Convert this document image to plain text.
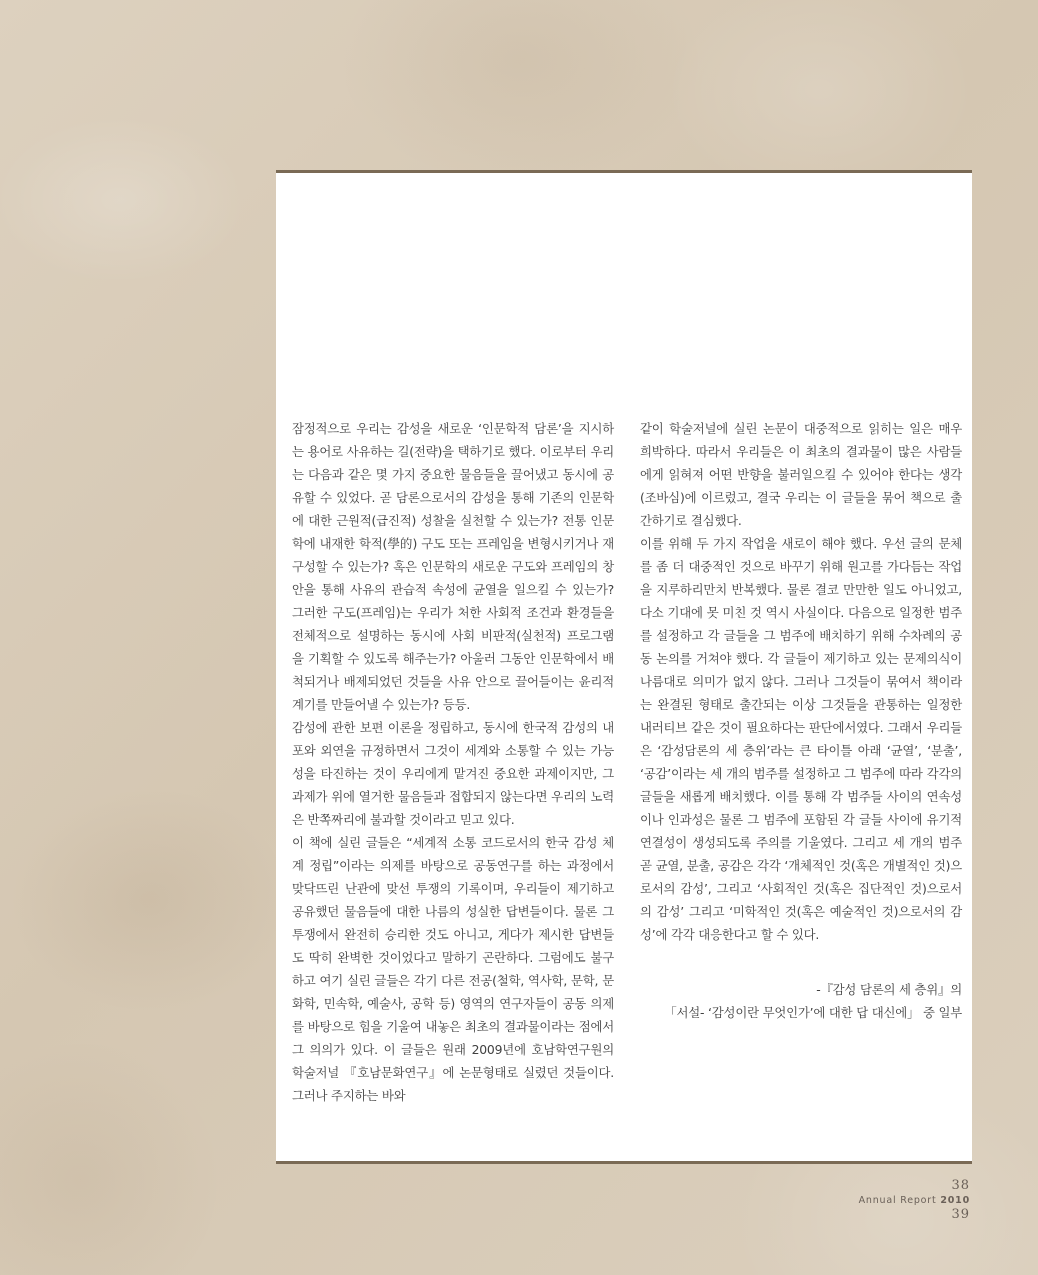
잠정적으로 우리는 감성을 새로운 ‘인문학적 담론’을 지시하는 용어로 사유하는 길(전략)을 택하기로 했다. 이로부터 우리는 다음과 같은 몇 가지 중요한 물음들을 끌어냈고 동시에 공유할 수 있었다. 곧 담론으로서의 감성을 통해 기존의 인문학에 대한 근원적(급진적) 성찰을 실천할 수 있는가? 전통 인문학에 내재한 학적(學的) 구도 또는 프레임을 변형시키거나 재구성할 수 있는가? 혹은 인문학의 새로운 구도와 프레임의 창안을 통해 사유의 관습적 속성에 균열을 일으킬 수 있는가? 그러한 구도(프레임)는 우리가 처한 사회적 조건과 환경들을 전체적으로 설명하는 동시에 사회 비판적(실천적) 프로그램을 기획할 수 있도록 해주는가? 아울러 그동안 인문학에서 배척되거나 배제되었던 것들을 사유 안으로 끌어들이는 윤리적 계기를 만들어낼 수 있는가? 등등.

감성에 관한 보편 이론을 정립하고, 동시에 한국적 감성의 내포와 외연을 규정하면서 그것이 세계와 소통할 수 있는 가능성을 타진하는 것이 우리에게 맡겨진 중요한 과제이지만, 그 과제가 위에 열거한 물음들과 접합되지 않는다면 우리의 노력은 반쪽짜리에 불과할 것이라고 믿고 있다.

이 책에 실린 글들은 “세계적 소통 코드로서의 한국 감성 체계 정립”이라는 의제를 바탕으로 공동연구를 하는 과정에서 맞닥뜨린 난관에 맞선 투쟁의 기록이며, 우리들이 제기하고 공유했던 물음들에 대한 나름의 성실한 답변들이다. 물론 그 투쟁에서 완전히 승리한 것도 아니고, 게다가 제시한 답변들도 딱히 완벽한 것이었다고 말하기 곤란하다. 그럼에도 불구하고 여기 실린 글들은 각기 다른 전공(철학, 역사학, 문학, 문화학, 민속학, 예술사, 공학 등) 영역의 연구자들이 공동 의제를 바탕으로 힘을 기울여 내놓은 최초의 결과물이라는 점에서 그 의의가 있다. 이 글들은 원래 2009년에 호남학연구원의 학술저널 『호남문화연구』에 논문형태로 실렸던 것들이다. 그러나 주지하는 바와

같이 학술저널에 실린 논문이 대중적으로 읽히는 일은 매우 희박하다. 따라서 우리들은 이 최초의 결과물이 많은 사람들에게 읽혀져 어떤 반향을 불러일으킬 수 있어야 한다는 생각(조바심)에 이르렀고, 결국 우리는 이 글들을 묶어 책으로 출간하기로 결심했다.

이를 위해 두 가지 작업을 새로이 해야 했다. 우선 글의 문체를 좀 더 대중적인 것으로 바꾸기 위해 원고를 가다듬는 작업을 지루하리만치 반복했다. 물론 결코 만만한 일도 아니었고, 다소 기대에 못 미친 것 역시 사실이다. 다음으로 일정한 범주를 설정하고 각 글들을 그 범주에 배치하기 위해 수차례의 공동 논의를 거쳐야 했다. 각 글들이 제기하고 있는 문제의식이 나름대로 의미가 없지 않다. 그러나 그것들이 묶여서 책이라는 완결된 형태로 출간되는 이상 그것들을 관통하는 일정한 내러티브 같은 것이 필요하다는 판단에서였다. 그래서 우리들은 ‘감성담론의 세 층위’라는 큰 타이틀 아래 ‘균열’, ‘분출’, ‘공감’이라는 세 개의 범주를 설정하고 그 범주에 따라 각각의 글들을 새롭게 배치했다. 이를 통해 각 범주들 사이의 연속성이나 인과성은 물론 그 범주에 포함된 각 글들 사이에 유기적 연결성이 생성되도록 주의를 기울였다. 그리고 세 개의 범주 곧 균열, 분출, 공감은 각각 ‘개체적인 것(혹은 개별적인 것)으로서의 감성’, 그리고 ‘사회적인 것(혹은 집단적인 것)으로서의 감성’ 그리고 ‘미학적인 것(혹은 예술적인 것)으로서의 감성’에 각각 대응한다고 할 수 있다.

-『감성 담론의 세 층위』의
「서설- ‘감성이란 무엇인가’에 대한 답 대신에」 중 일부
38
Annual Report 2010
39
